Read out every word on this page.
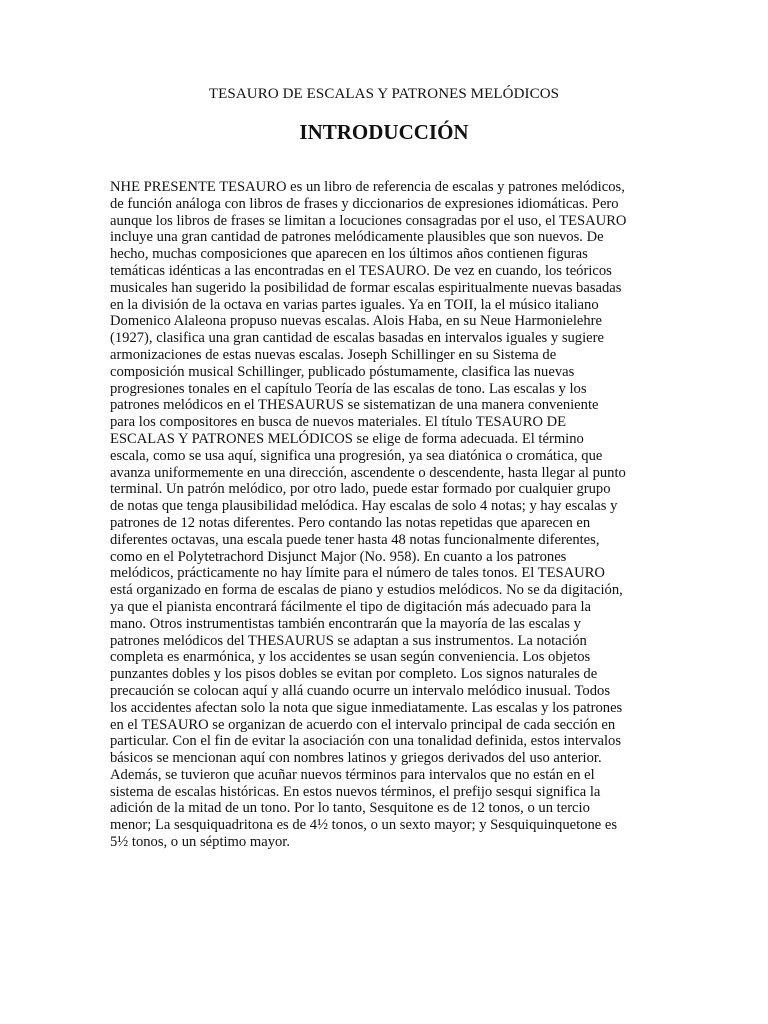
TESAURO DE ESCALAS Y PATRONES MELÓDICOS
INTRODUCCIÓN
NHE PRESENTE TESAURO es un libro de referencia de escalas y patrones melódicos,
de función análoga con libros de frases y diccionarios de expresiones idiomáticas. Pero
aunque los libros de frases se limitan a locuciones consagradas por el uso, el TESAURO
incluye una gran cantidad de patrones melódicamente plausibles que son nuevos. De
hecho, muchas composiciones que aparecen en los últimos años contienen figuras
temáticas idénticas a las encontradas en el TESAURO. De vez en cuando, los teóricos
musicales han sugerido la posibilidad de formar escalas espiritualmente nuevas basadas
en la división de la octava en varias partes iguales. Ya en TOII, la el músico italiano
Domenico Alaleona propuso nuevas escalas. Alois Haba, en su Neue Harmonielehre
(1927), clasifica una gran cantidad de escalas basadas en intervalos iguales y sugiere
armonizaciones de estas nuevas escalas. Joseph Schillinger en su Sistema de
composición musical Schillinger, publicado póstumamente, clasifica las nuevas
progresiones tonales en el capítulo Teoría de las escalas de tono. Las escalas y los
patrones melódicos en el THESAURUS se sistematizan de una manera conveniente
para los compositores en busca de nuevos materiales. El título TESAURO DE
ESCALAS Y PATRONES MELÓDICOS se elige de forma adecuada. El término
escala, como se usa aquí, significa una progresión, ya sea diatónica o cromática, que
avanza uniformemente en una dirección, ascendente o descendente, hasta llegar al punto
terminal. Un patrón melódico, por otro lado, puede estar formado por cualquier grupo
de notas que tenga plausibilidad melódica. Hay escalas de solo 4 notas; y hay escalas y
patrones de 12 notas diferentes. Pero contando las notas repetidas que aparecen en
diferentes octavas, una escala puede tener hasta 48 notas funcionalmente diferentes,
como en el Polytetrachord Disjunct Major (No. 958). En cuanto a los patrones
melódicos, prácticamente no hay límite para el número de tales tonos. El TESAURO
está organizado en forma de escalas de piano y estudios melódicos. No se da digitación,
ya que el pianista encontrará fácilmente el tipo de digitación más adecuado para la
mano. Otros instrumentistas también encontrarán que la mayoría de las escalas y
patrones melódicos del THESAURUS se adaptan a sus instrumentos. La notación
completa es enarmónica, y los accidentes se usan según conveniencia. Los objetos
punzantes dobles y los pisos dobles se evitan por completo. Los signos naturales de
precaución se colocan aquí y allá cuando ocurre un intervalo melódico inusual. Todos
los accidentes afectan solo la nota que sigue inmediatamente. Las escalas y los patrones
en el TESAURO se organizan de acuerdo con el intervalo principal de cada sección en
particular. Con el fin de evitar la asociación con una tonalidad definida, estos intervalos
básicos se mencionan aquí con nombres latinos y griegos derivados del uso anterior.
Además, se tuvieron que acuñar nuevos términos para intervalos que no están en el
sistema de escalas históricas. En estos nuevos términos, el prefijo sesqui significa la
adición de la mitad de un tono. Por lo tanto, Sesquitone es de 12 tonos, o un tercio
menor; La sesquiquadritona es de 4½ tonos, o un sexto mayor; y Sesquiquinquetone es
5½ tonos, o un séptimo mayor.
